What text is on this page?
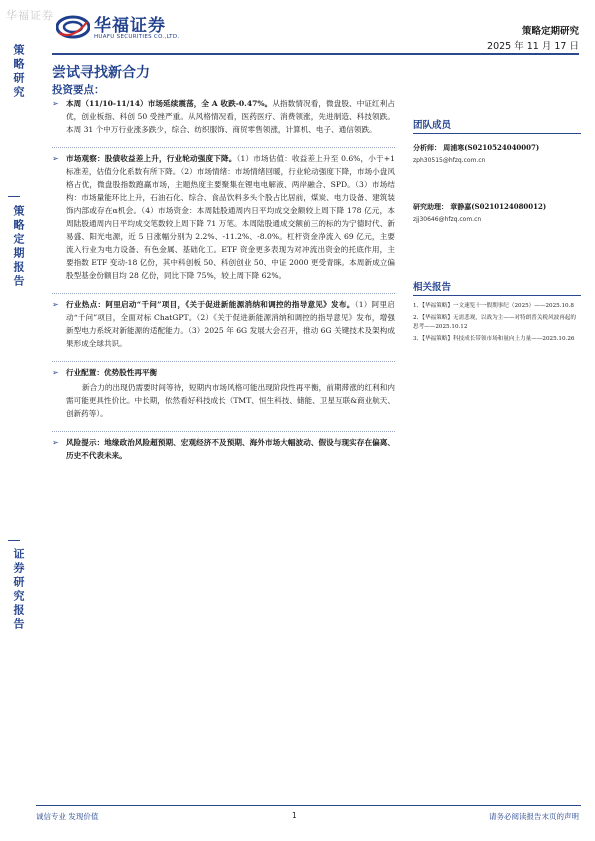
华福证券
华福证券
HUAFU SECURITIES CO.,LTD.	策略定期研究
2025 年 11 月 17 日
策略研究
策略定期报告
证券研究报告
尝试寻找新合力
投资要点：
➢ 本周（11/10-11/14）市场延续震荡，全 A 收跌-0.47%。从指数情况看，微盘股、中证红利占优，创业板指、科创 50 受挫严重。从风格情况看，医药医疗、消费领涨，先进制造、科技领跌。本周 31 个中万行业涨多跌少，综合、纺织服饰、商贸零售领涨，计算机、电子、通信领跌。
➢ 市场观察：股债收益差上升，行业轮动强度下降。（1）市场估值：收益差上升至 0.6%，小于+1 标准差，估值分化系数有所下降。（2）市场情绪：市场情绪回暖，行业轮动强度下降，市场小盘风格占优，微盘股指数跑赢市场，主题热度主要聚集在锂电电解液、两岸融合、SPD。（3）市场结构：市场量能环比上升，石油石化、综合、食品饮料多头个股占比居前，煤炭、电力设备、建筑装饰内部或存在α机会。（4）市场资金：本周陆股通周内日平均成交金额较上周下降 178 亿元，本周陆股通周内日平均成交笔数较上周下降 71 万笔。本周陆股通成交额前三的标的为宁德时代、新易盛、阳光电源，近 5 日涨幅分别为 2.2%、-11.2%、-8.0%。杠杆资金净流入 69 亿元，主要流入行业为电力设备、有色金属、基础化工。ETF 资金更多表现为对冲流出资金的托底作用，主要指数 ETF 变动-18 亿份，其中科创板 50、科创创业 50、中证 2000 更受青睐。本周新成立偏股型基金份额目均 28 亿份，同比下降 75%，较上周下降 62%。
➢ 行业热点：阿里启动“千问”项目，《关于促进新能源消纳和调控的指导意见》发布。（1）阿里启动“千问”项目，全面对标 ChatGPT。（2）《关于促进新能源消纳和调控的指导意见》发布，增强新型电力系统对新能源的适配能力。（3）2025 年 6G 发展大会召开，推动 6G 关键技术及架构成果形成全球共识。
➢ 行业配置：优势股性再平衡
新合力的出现仍需要时间等待，短期内市场风格可能出现阶段性再平衡，前期滞涨的红利和内需可能更具性价比。中长期，依然看好科技成长（TMT、恒生科技、储能、卫星互联&商业航天、创新药等）。
➢ 风险提示：地缘政治风险超预期、宏观经济不及预期、海外市场大幅波动、假设与现实存在偏离、历史不代表未来。
团队成员
分析师： 周浦寒(S0210524040007)
zph30515@hfzq.com.cn
研究助理： 章静嘉(S0210124080012)
zjj30646@hfzq.com.cn
相关报告
1、【华福策略】一文速览十一假期事纪（2025）——2025.10.8
2、【华福策略】无需悲观，以战为主——对特朗普关税风波再起的思考——2025.10.12
3、【华福策略】科技成长带领市场和量向上力量——2025.10.26
诚信专业 发现价值	1	请务必阅读报告末页的声明
